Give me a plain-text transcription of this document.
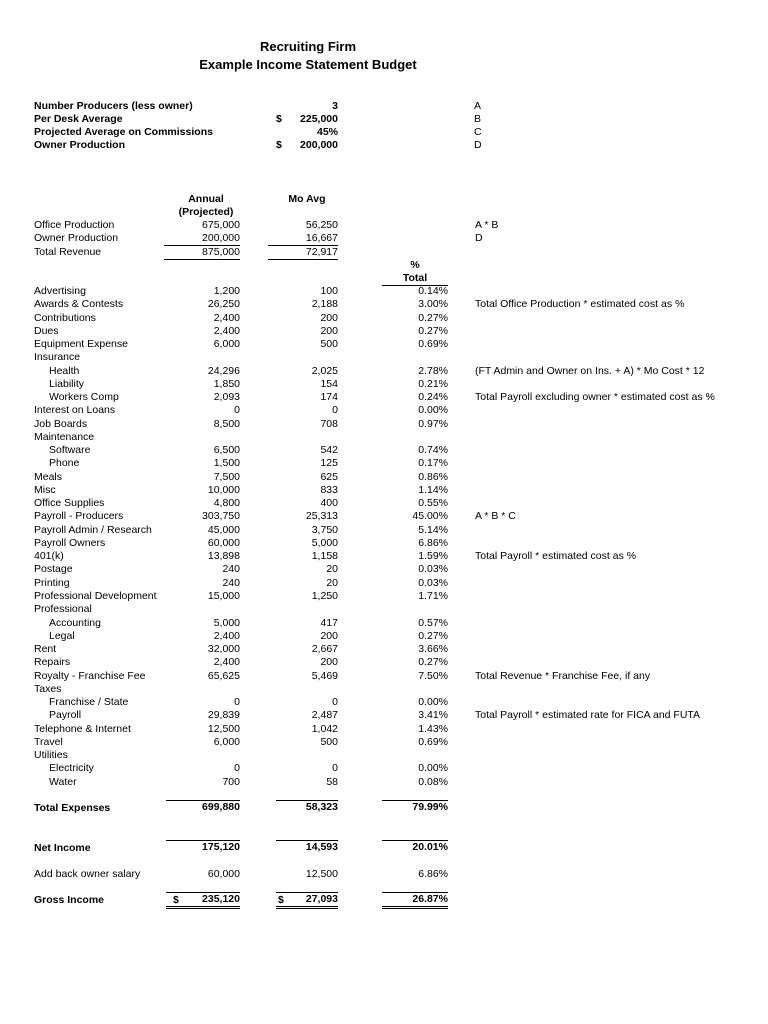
Recruiting Firm
Example Income Statement Budget
Number Producers (less owner)	3	A
Per Desk Average	$	225,000	B
Projected Average on Commissions	45%	C
Owner Production	$	200,000	D
Annual
(Projected)
Mo Avg
Office Production	675,000	56,250	A * B
Owner Production	200,000	16,667	D
Total Revenue	875,000	72,917
%
Total
Advertising	1,200	100	0.14%
Awards & Contests	26,250	2,188	3.00%	Total Office Production * estimated cost as %
Contributions	2,400	200	0.27%
Dues	2,400	200	0.27%
Equipment Expense	6,000	500	0.69%
Insurance
Health	24,296	2,025	2.78%	(FT Admin and Owner on Ins. + A) * Mo Cost * 12
Liability	1,850	154	0.21%
Workers Comp	2,093	174	0.24%	Total Payroll excluding owner * estimated cost as %
Interest on Loans	0	0	0.00%
Job Boards	8,500	708	0.97%
Maintenance
Software	6,500	542	0.74%
Phone	1,500	125	0.17%
Meals	7,500	625	0.86%
Misc	10,000	833	1.14%
Office Supplies	4,800	400	0.55%
Payroll - Producers	303,750	25,313	45.00%	A * B * C
Payroll Admin / Research	45,000	3,750	5.14%
Payroll Owners	60,000	5,000	6.86%
401(k)	13,898	1,158	1.59%	Total Payroll * estimated cost as %
Postage	240	20	0.03%
Printing	240	20	0.03%
Professional Development	15,000	1,250	1.71%
Professional
Accounting	5,000	417	0.57%
Legal	2,400	200	0.27%
Rent	32,000	2,667	3.66%
Repairs	2,400	200	0.27%
Royalty - Franchise Fee	65,625	5,469	7.50%	Total Revenue * Franchise Fee, if any
Taxes
Franchise / State	0	0	0.00%
Payroll	29,839	2,487	3.41%	Total Payroll * estimated rate for FICA and FUTA
Telephone & Internet	12,500	1,042	1.43%
Travel	6,000	500	0.69%
Utilities
Electricity	0	0	0.00%
Water	700	58	0.08%
Total Expenses	699,880	58,323	79.99%
Net Income	175,120	14,593	20.01%
Add back owner salary	60,000	12,500	6.86%
Gross Income	$	235,120	$	27,093	26.87%
